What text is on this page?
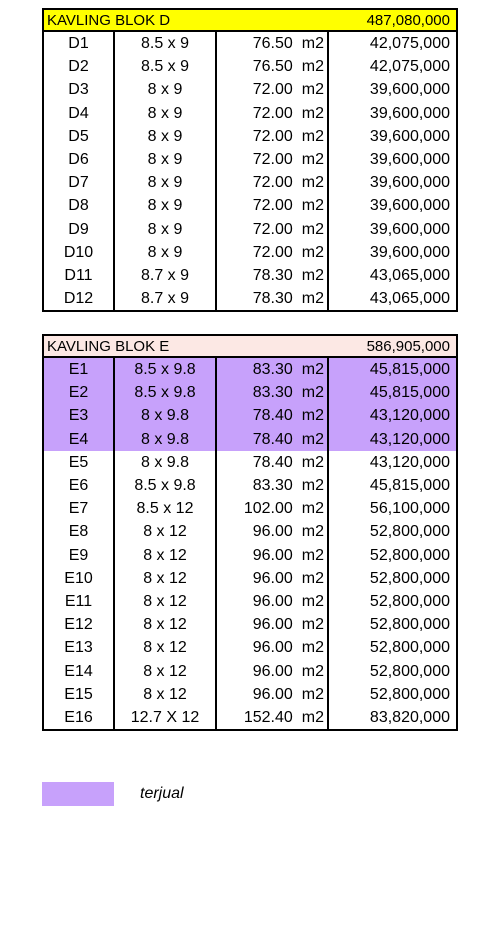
KAVLING BLOK D	487,080,000
D1	8.5 x 9	76.50 m2	42,075,000
D2	8.5 x 9	76.50 m2	42,075,000
D3	8 x 9	72.00 m2	39,600,000
D4	8 x 9	72.00 m2	39,600,000
D5	8 x 9	72.00 m2	39,600,000
D6	8 x 9	72.00 m2	39,600,000
D7	8 x 9	72.00 m2	39,600,000
D8	8 x 9	72.00 m2	39,600,000
D9	8 x 9	72.00 m2	39,600,000
D10	8 x 9	72.00 m2	39,600,000
D11	8.7 x 9	78.30 m2	43,065,000
D12	8.7 x 9	78.30 m2	43,065,000
KAVLING BLOK E	586,905,000
E1	8.5 x 9.8	83.30 m2	45,815,000
E2	8.5 x 9.8	83.30 m2	45,815,000
E3	8 x 9.8	78.40 m2	43,120,000
E4	8 x 9.8	78.40 m2	43,120,000
E5	8 x 9.8	78.40 m2	43,120,000
E6	8.5 x 9.8	83.30 m2	45,815,000
E7	8.5 x 12	102.00 m2	56,100,000
E8	8 x 12	96.00 m2	52,800,000
E9	8 x 12	96.00 m2	52,800,000
E10	8 x 12	96.00 m2	52,800,000
E11	8 x 12	96.00 m2	52,800,000
E12	8 x 12	96.00 m2	52,800,000
E13	8 x 12	96.00 m2	52,800,000
E14	8 x 12	96.00 m2	52,800,000
E15	8 x 12	96.00 m2	52,800,000
E16	12.7 X 12	152.40 m2	83,820,000
terjual
